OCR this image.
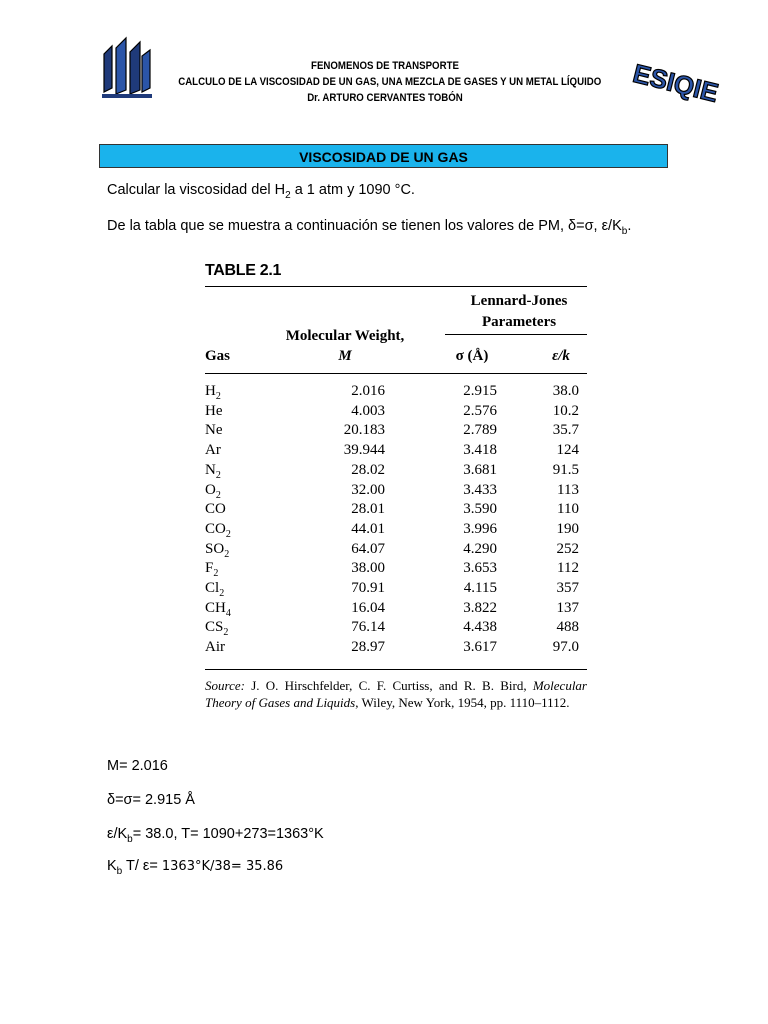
ESIQIE
FENOMENOS DE TRANSPORTE
CALCULO DE LA VISCOSIDAD DE UN GAS, UNA MEZCLA DE GASES Y UN METAL LÍQUIDO
Dr. ARTURO CERVANTES TOBÓN
VISCOSIDAD DE UN GAS
Calcular la viscosidad del $H_2$ a 1 atm y 1090 °C.
De la tabla que se muestra a continuación se tienen los valores de PM, δ=σ, $\varepsilon/K_b$.
TABLE 2.1
Lennard-Jones
Parameters
Molecular Weight,
M
Gas	σ (Å)	ε/k
$H_2$	2.016	2.915	38.0
He	4.003	2.576	10.2
Ne	20.183	2.789	35.7
Ar	39.944	3.418	124
$N_2$	28.02	3.681	91.5
$O_2$	32.00	3.433	113
CO	28.01	3.590	110
$CO_2$	44.01	3.996	190
$SO_2$	64.07	4.290	252
$F_2$	38.00	3.653	112
$Cl_2$	70.91	4.115	357
$CH_4$	16.04	3.822	137
$CS_2$	76.14	4.438	488
Air	28.97	3.617	97.0
Source: J. O. Hirschfelder, C. F. Curtiss, and R. B. Bird, Molecular Theory of Gases and Liquids, Wiley, New York, 1954, pp. 1110–1112.
M= 2.016
δ=σ= 2.915 Å
$\varepsilon/K_b= 38.0$, T= 1090+273=1363°K
$K_b$ T/ ε= 1363°K/38= 35.86
